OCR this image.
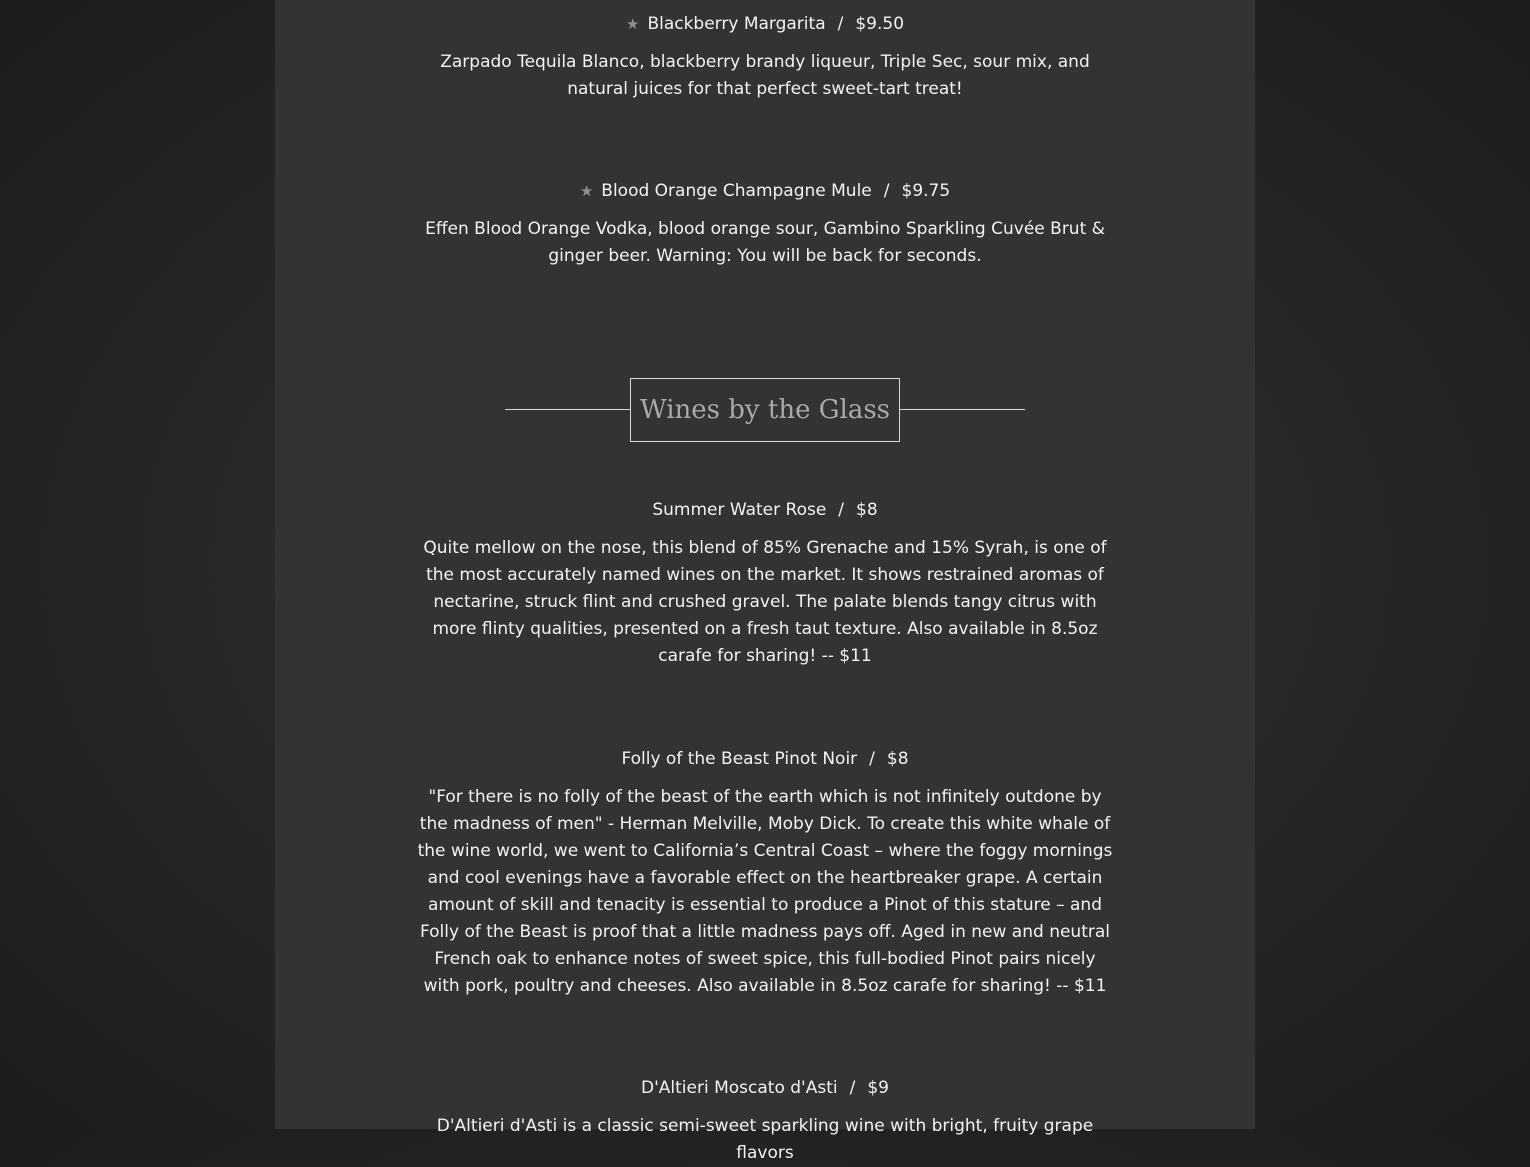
★ Blackberry Margarita / $9.50
Zarpado Tequila Blanco, blackberry brandy liqueur, Triple Sec, sour mix, and natural juices for that perfect sweet-tart treat!
★ Blood Orange Champagne Mule / $9.75
Effen Blood Orange Vodka, blood orange sour, Gambino Sparkling Cuvée Brut & ginger beer. Warning: You will be back for seconds.
Wines by the Glass
Summer Water Rose / $8
Quite mellow on the nose, this blend of 85% Grenache and 15% Syrah, is one of the most accurately named wines on the market. It shows restrained aromas of nectarine, struck flint and crushed gravel. The palate blends tangy citrus with more flinty qualities, presented on a fresh taut texture. Also available in 8.5oz carafe for sharing! -- $11
Folly of the Beast Pinot Noir / $8
"For there is no folly of the beast of the earth which is not infinitely outdone by the madness of men" - Herman Melville, Moby Dick. To create this white whale of the wine world, we went to California’s Central Coast – where the foggy mornings and cool evenings have a favorable effect on the heartbreaker grape. A certain amount of skill and tenacity is essential to produce a Pinot of this stature – and Folly of the Beast is proof that a little madness pays off. Aged in new and neutral French oak to enhance notes of sweet spice, this full-bodied Pinot pairs nicely with pork, poultry and cheeses. Also available in 8.5oz carafe for sharing! -- $11
D'Altieri Moscato d'Asti / $9
D'Altieri d'Asti is a classic semi-sweet sparkling wine with bright, fruity grape flavors
